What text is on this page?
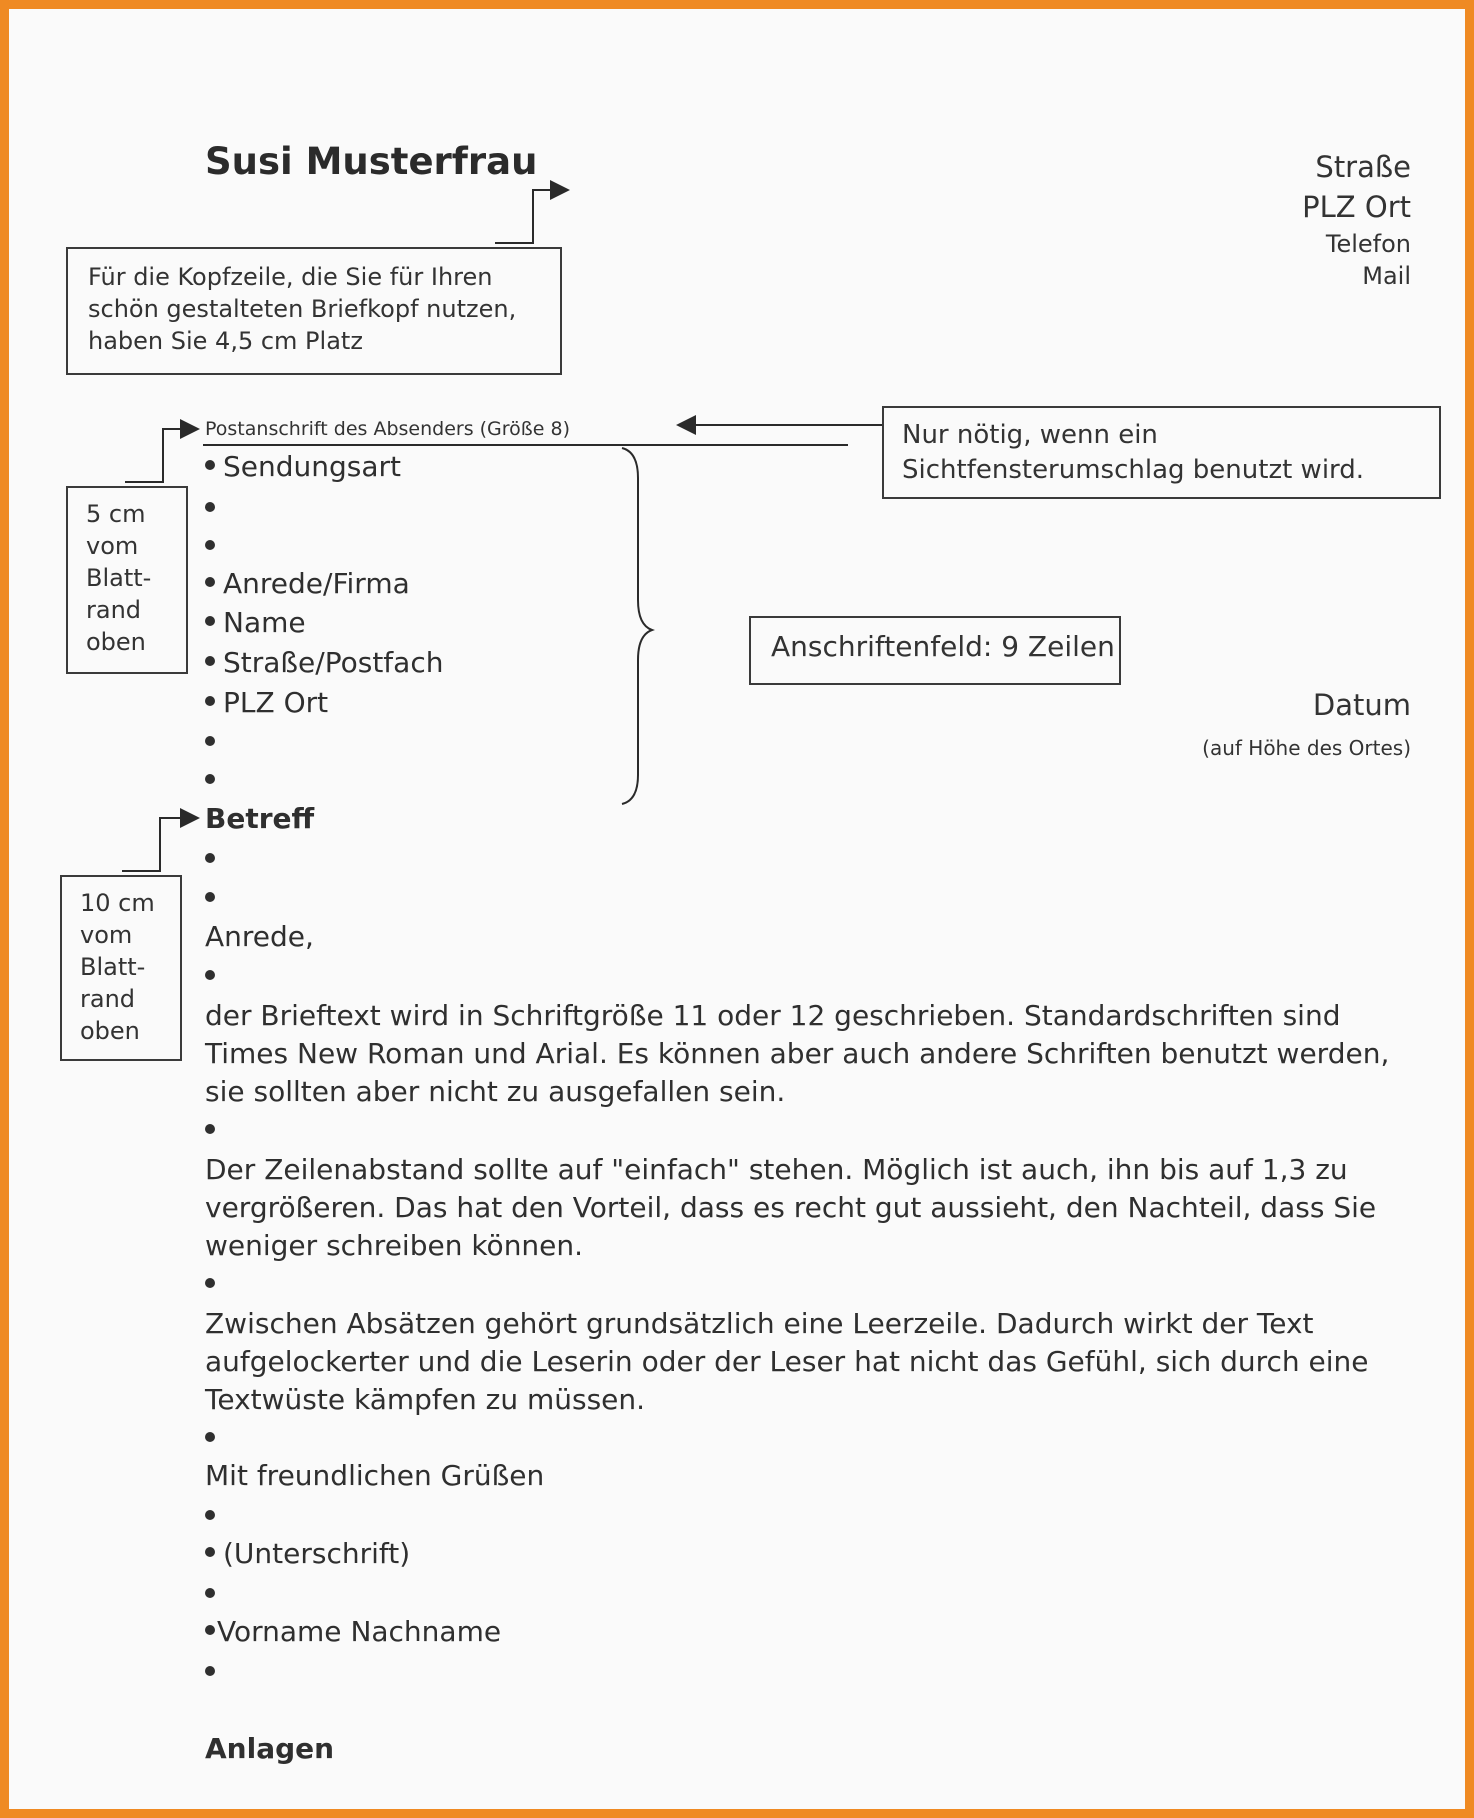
Susi Musterfrau	Straße
PLZ Ort
Telefon
Mail
Für die Kopfzeile, die Sie für Ihren schön gestalteten Briefkopf nutzen, haben Sie 4,5 cm Platz
Postanschrift des Absenders (Größe 8)	Nur nötig, wenn ein Sichtfensterumschlag benutzt wird.
5 cm
vom
Blatt-
rand
oben	Anschriftenfeld: 9 Zeilen
Sendungsart
Anrede/Firma
Name
Straße/Postfach
PLZ Ort	Datum
(auf Höhe des Ortes)
Betreff
10 cm
vom
Blatt-
rand
oben
Anrede,
der Brieftext wird in Schriftgröße 11 oder 12 geschrieben. Standardschriften sind Times New Roman und Arial. Es können aber auch andere Schriften benutzt werden, sie sollten aber nicht zu ausgefallen sein.
Der Zeilenabstand sollte auf "einfach" stehen. Möglich ist auch, ihn bis auf 1,3 zu vergrößeren. Das hat den Vorteil, dass es recht gut aussieht, den Nachteil, dass Sie weniger schreiben können.
Zwischen Absätzen gehört grundsätzlich eine Leerzeile. Dadurch wirkt der Text aufgelockerter und die Leserin oder der Leser hat nicht das Gefühl, sich durch eine Textwüste kämpfen zu müssen.
Mit freundlichen Grüßen
(Unterschrift)
Vorname Nachname
Anlagen
